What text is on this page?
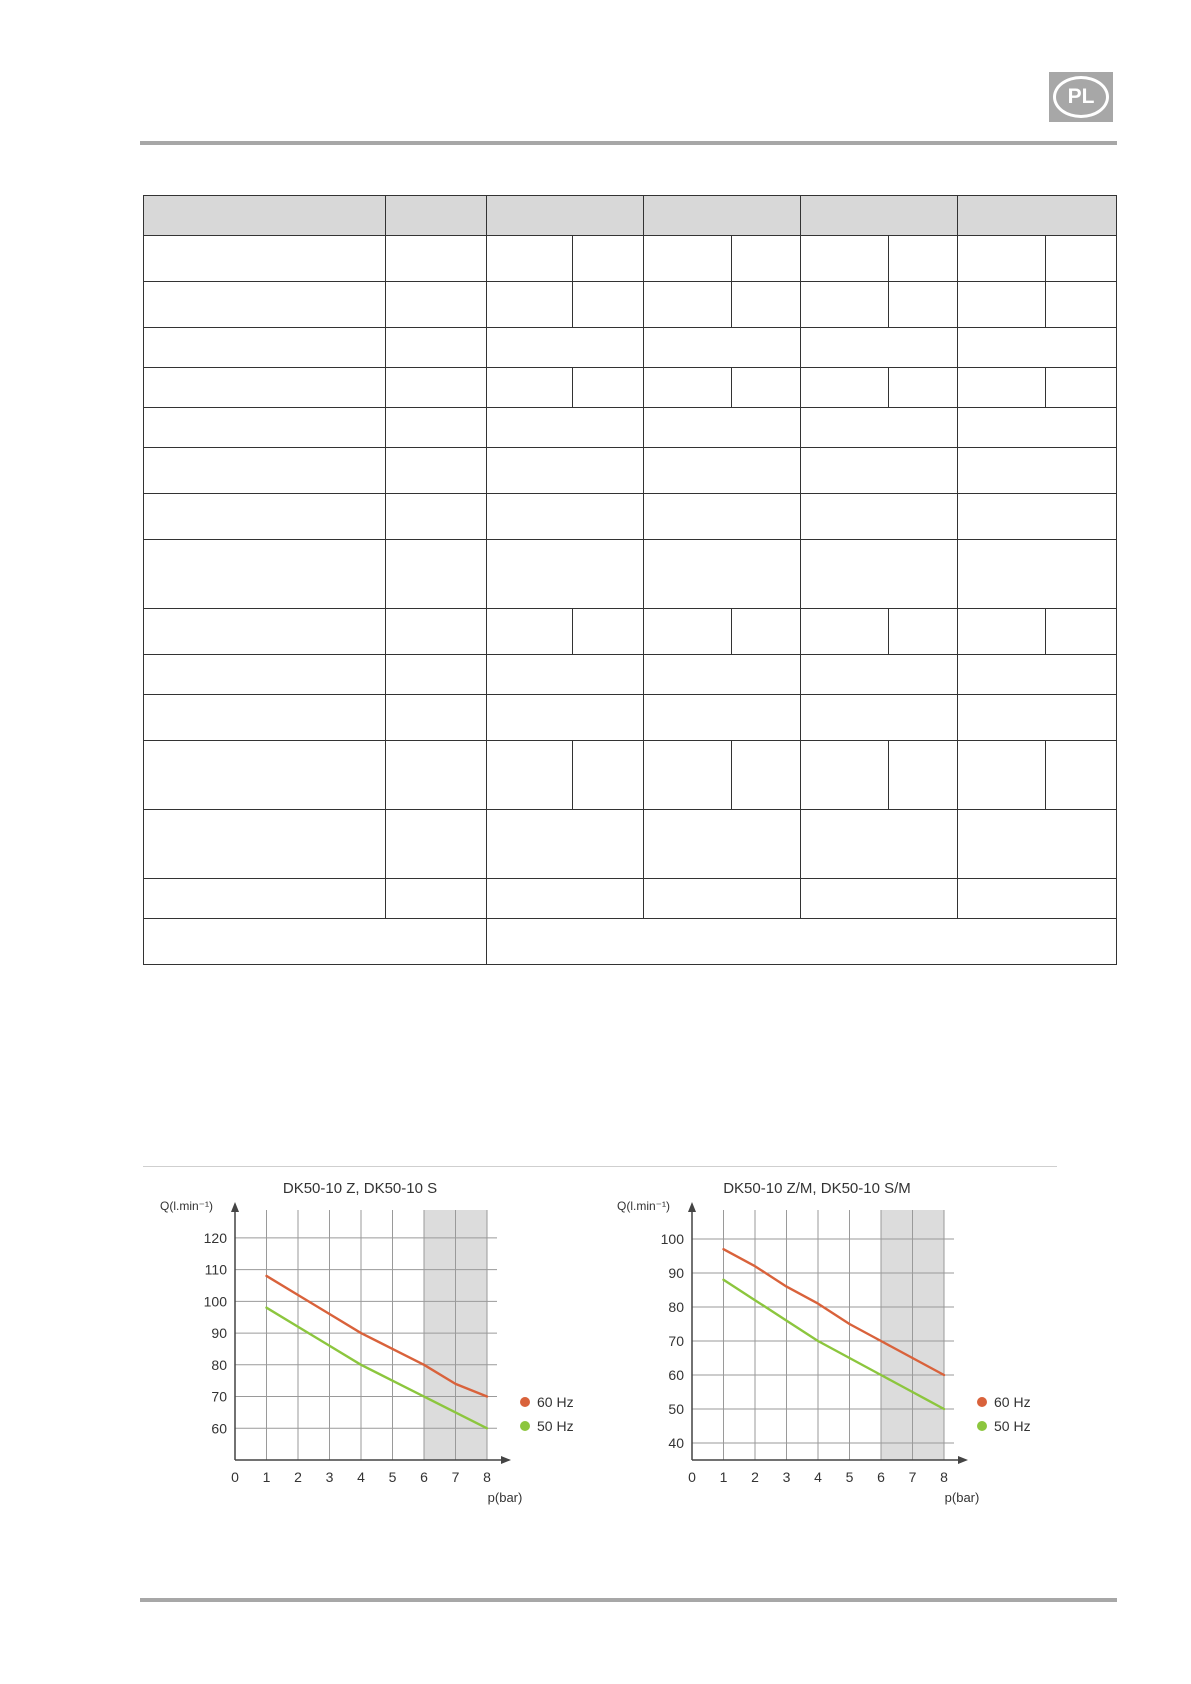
PL

DK50-10 Z, DK50-10 S
0 1 2 3 4 5 6 7 8
60
70
80
90
100
110
120
Q(l.min⁻¹)
p(bar)
60 Hz
50 Hz
DK50-10 Z/M, DK50-10 S/M
0 1 2 3 4 5 6 7 8
40
50
60
70
80
90
100
Q(l.min⁻¹)
p(bar)
60 Hz
50 Hz
